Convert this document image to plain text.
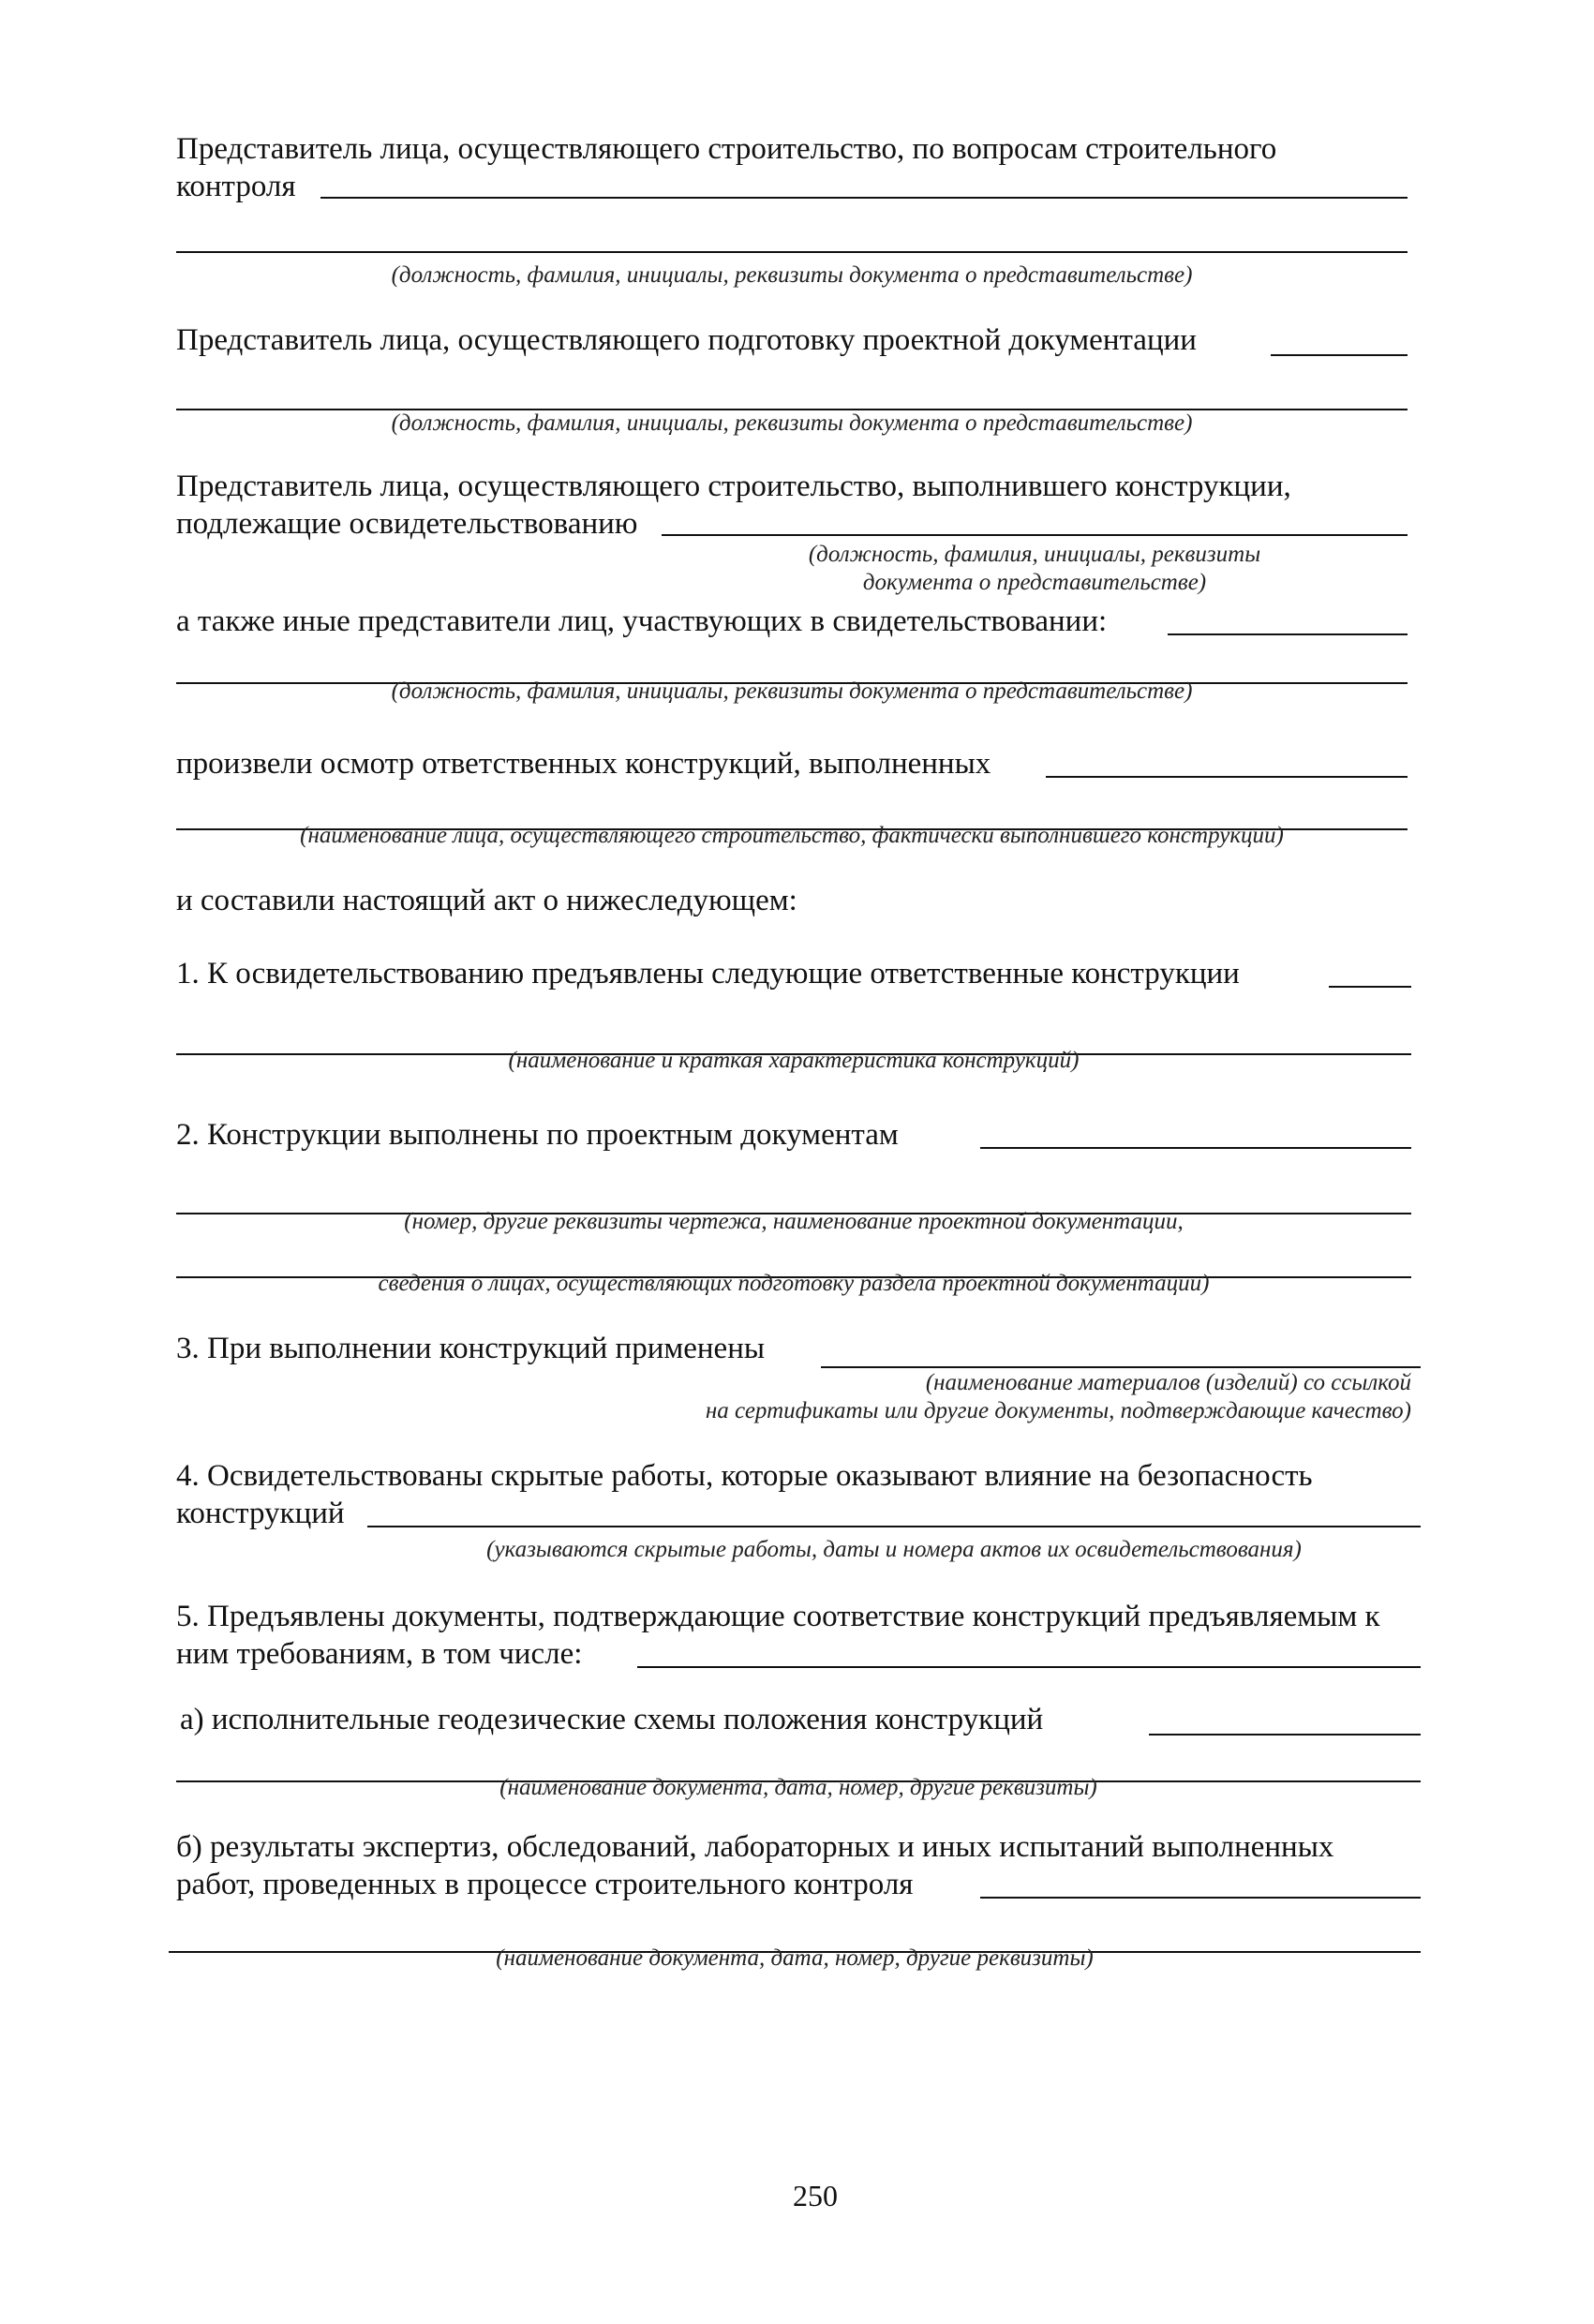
Представитель лица, осуществляющего строительство, по вопросам строительного
контроля
(должность, фамилия, инициалы, реквизиты документа о представительстве)
Представитель лица, осуществляющего подготовку проектной документации
(должность, фамилия, инициалы, реквизиты документа о представительстве)
Представитель лица, осуществляющего строительство, выполнившего конструкции,
подлежащие освидетельствованию
(должность, фамилия, инициалы, реквизиты
документа о представительстве)
а также иные представители лиц, участвующих в свидетельствовании:
(должность, фамилия, инициалы, реквизиты документа о представительстве)
произвели осмотр ответственных конструкций, выполненных
(наименование лица, осуществляющего строительство, фактически выполнившего конструкции)
и составили настоящий акт о нижеследующем:
1. К освидетельствованию предъявлены следующие ответственные конструкции
(наименование и краткая характеристика конструкций)
2. Конструкции выполнены по проектным документам
(номер, другие реквизиты чертежа, наименование проектной документации,
сведения о лицах, осуществляющих подготовку раздела проектной документации)
3. При выполнении конструкций применены
(наименование материалов (изделий) со ссылкой
на сертификаты или другие документы, подтверждающие качество)
4. Освидетельствованы скрытые работы, которые оказывают влияние на безопасность
конструкций
(указываются скрытые работы, даты и номера актов их освидетельствования)
5. Предъявлены документы, подтверждающие соответствие конструкций предъявляемым к
ним требованиям, в том числе:
а) исполнительные геодезические схемы положения конструкций
(наименование документа, дата, номер, другие реквизиты)
б) результаты экспертиз, обследований, лабораторных и иных испытаний выполненных
работ, проведенных в процессе строительного контроля
(наименование документа, дата, номер, другие реквизиты)
250
